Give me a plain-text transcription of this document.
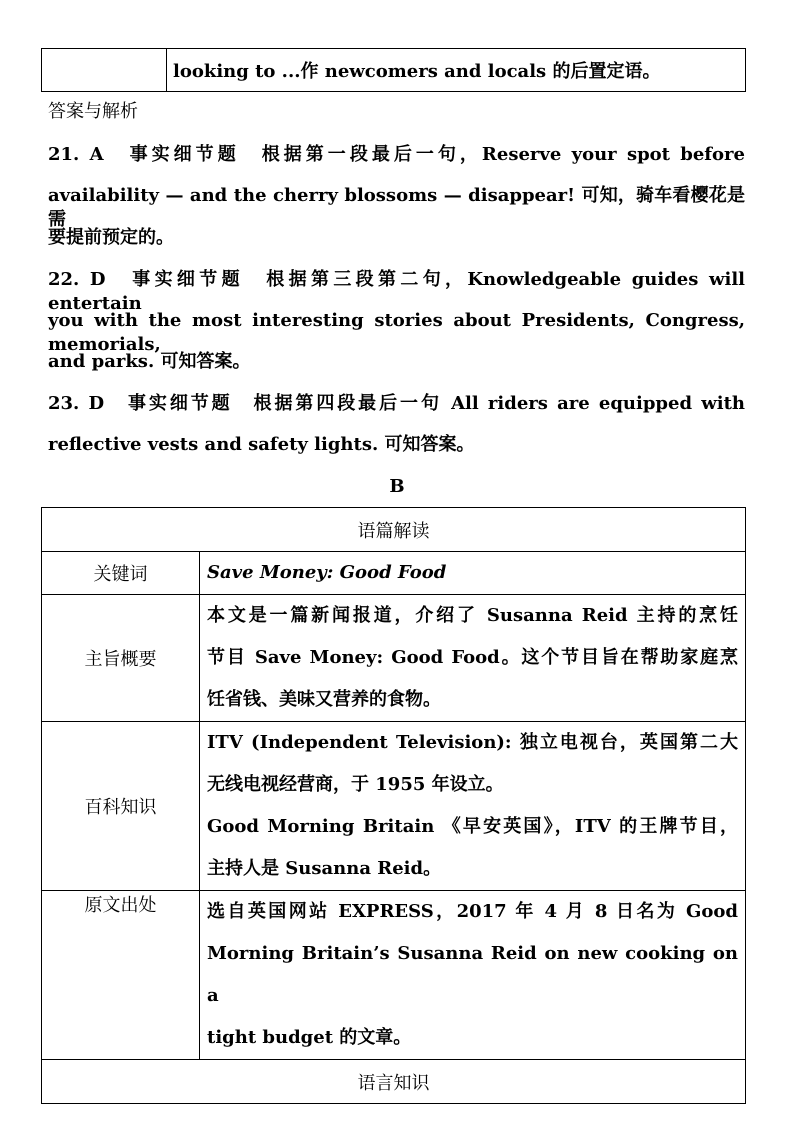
	looking to ...作 newcomers and locals 的后置定语。
答案与解析
21. A　事实细节题　根据第一段最后一句，Reserve your spot before
availability — and the cherry blossoms — disappear! 可知，骑车看樱花是需
要提前预定的。
22. D　事实细节题　根据第三段第二句，Knowledgeable guides will entertain
you with the most interesting stories about Presidents, Congress, memorials,
and parks. 可知答案。
23. D　事实细节题　根据第四段最后一句 All riders are equipped with
reflective vests and safety lights. 可知答案。
B
语篇解读	
关键词	Save Money: Good Food

主旨概要	本文是一篇新闻报道，介绍了 Susanna Reid 主持的烹饪
节目 Save Money: Good Food。这个节目旨在帮助家庭烹
饪省钱、美味又营养的食物。

百科知识	ITV (Independent Television): 独立电视台，英国第二大
无线电视经营商，于 1955 年设立。
Good Morning Britain 《早安英国》，ITV 的王牌节目，
主持人是 Susanna Reid。

原文出处	选自英国网站 EXPRESS，2017 年 4 月 8 日名为 Good
Morning Britain’s Susanna Reid on new cooking on a
tight budget 的文章。

语言知识	
